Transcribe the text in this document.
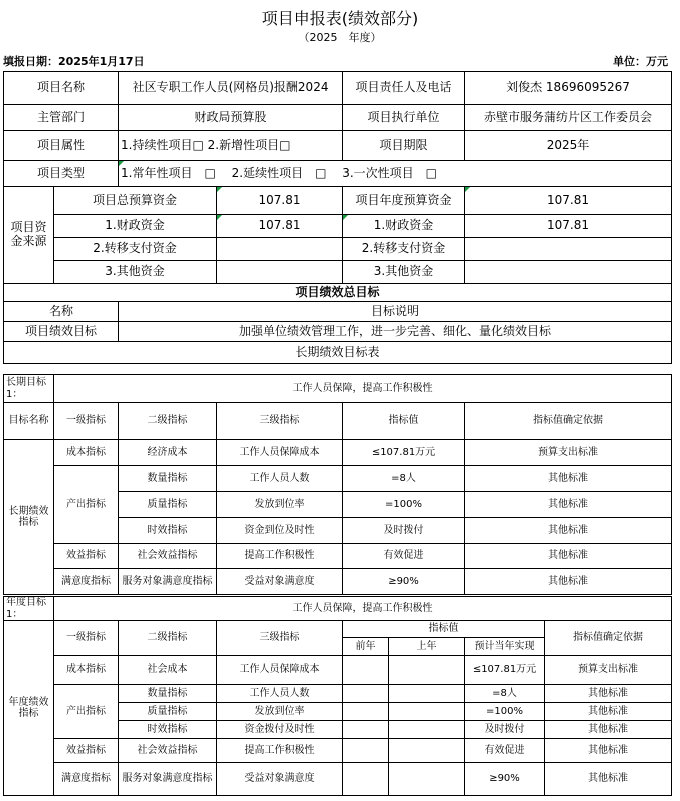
项目申报表(绩效部分)
（2025　年度）
填报日期：2025年1月17日	单位：万元
项目名称		社区专职工作人员(网格员)报酬2024		项目责任人及电话	刘俊杰 18696095267
主管部门		财政局预算股		项目执行单位	赤壁市服务蒲纺片区工作委员会
项目属性		1.持续性项目□ 2.新增性项目□		项目期限	2025年
项目类型		1.常年性项目　□　 2.延续性项目　□　 3.一次性项目　□			
项目资金来源	项目总预算资金		107.81	项目年度预算资金	107.81
	1.财政资金		107.81	1.财政资金	107.81
	2.转移支付资金			2.转移支付资金	
	3.其他资金			3.其他资金	
项目绩效总目标					
名称		目标说明			
项目绩效目标		加强单位绩效管理工作，进一步完善、细化、量化绩效目标			
长期绩效目标表					
长期目标1：	工作人员保障，提高工作积极性				
目标名称	一级指标	二级指标	三级指标	指标值	指标值确定依据
长期绩效指标	成本指标	经济成本	工作人员保障成本	≤107.81万元	预算支出标准
	产出指标	数量指标	工作人员人数	=8人	其他标准
		质量指标	发放到位率	=100%	其他标准
		时效指标	资金到位及时性	及时拨付	其他标准
	效益指标	社会效益指标	提高工作积极性	有效促进	其他标准
	满意度指标	服务对象满意度指标	受益对象满意度	≥90%	其他标准
年度目标1：	工作人员保障，提高工作积极性						
年度绩效指标	一级指标	二级指标	三级指标	指标值			指标值确定依据
				前年	上年	预计当年实现	
	成本指标	社会成本	工作人员保障成本			≤107.81万元	预算支出标准
	产出指标	数量指标	工作人员人数			=8人	其他标准
		质量指标	发放到位率			=100%	其他标准
		时效指标	资金拨付及时性			及时拨付	其他标准
	效益指标	社会效益指标	提高工作积极性			有效促进	其他标准
	满意度指标	服务对象满意度指标	受益对象满意度			≥90%	其他标准
